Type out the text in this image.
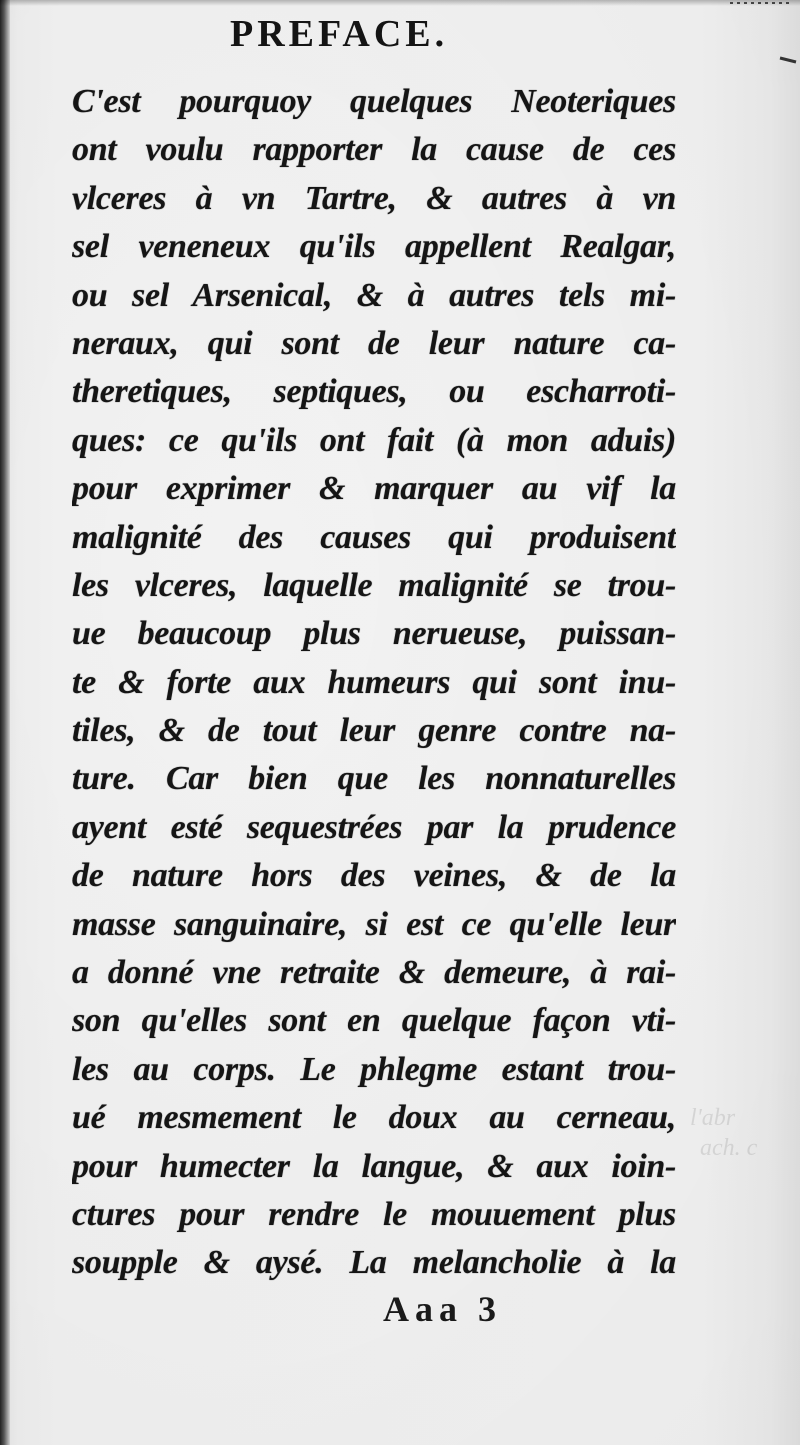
l'abr
ach. c
PREFACE.
C'est pourquoy quelques Neoteriques
ont voulu rapporter la cause de ces
vlceres à vn Tartre, & autres à vn
sel veneneux qu'ils appellent Realgar,
ou sel Arsenical, & à autres tels mi-
neraux, qui sont de leur nature ca-
theretiques, septiques, ou escharroti-
ques: ce qu'ils ont fait (à mon aduis)
pour exprimer & marquer au vif la
malignité des causes qui produisent
les vlceres, laquelle malignité se trou-
ue beaucoup plus nerueuse, puissan-
te & forte aux humeurs qui sont inu-
tiles, & de tout leur genre contre na-
ture. Car bien que les nonnaturelles
ayent esté sequestrées par la prudence
de nature hors des veines, & de la
masse sanguinaire, si est ce qu'elle leur
a donné vne retraite & demeure, à rai-
son qu'elles sont en quelque façon vti-
les au corps. Le phlegme estant trou-
ué mesmement le doux au cerneau,
pour humecter la langue, & aux ioin-
ctures pour rendre le mouuement plus
soupple & aysé. La melancholie à la
Aaa 3
